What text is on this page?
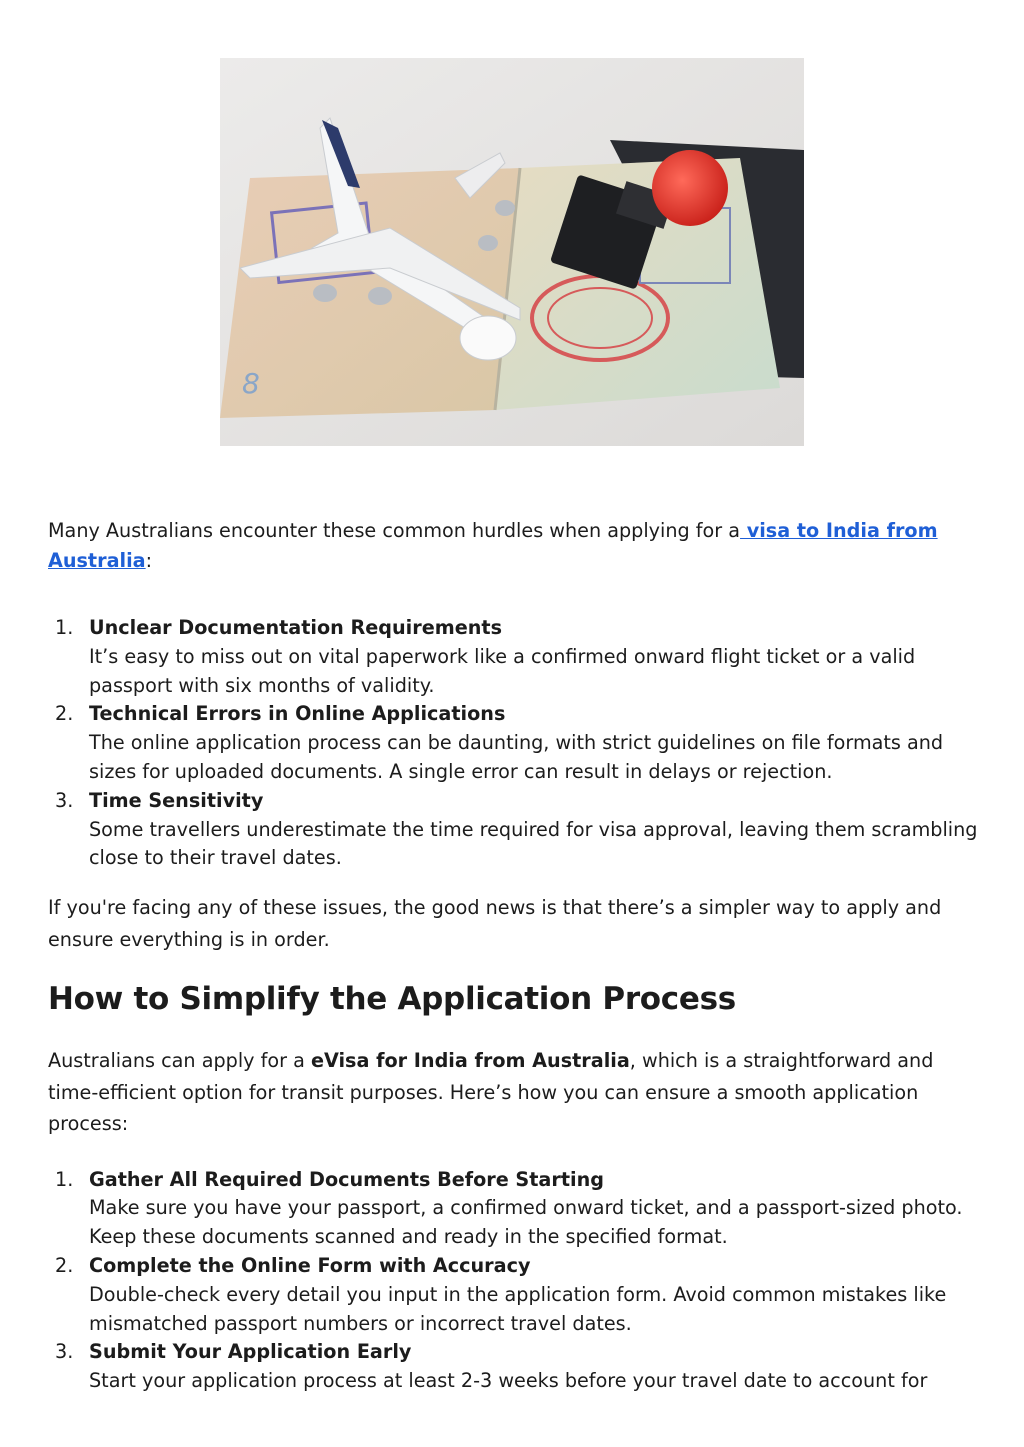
8

Many Australians encounter these common hurdles when applying for a visa to India from Australia:

1. Unclear Documentation Requirements
It’s easy to miss out on vital paperwork like a confirmed onward flight ticket or a valid passport with six months of validity.
2. Technical Errors in Online Applications
The online application process can be daunting, with strict guidelines on file formats and sizes for uploaded documents. A single error can result in delays or rejection.
3. Time Sensitivity
Some travellers underestimate the time required for visa approval, leaving them scrambling close to their travel dates.

If you're facing any of these issues, the good news is that there’s a simpler way to apply and ensure everything is in order.

How to Simplify the Application Process

Australians can apply for a eVisa for India from Australia, which is a straightforward and time-efficient option for transit purposes. Here’s how you can ensure a smooth application process:

1. Gather All Required Documents Before Starting
Make sure you have your passport, a confirmed onward ticket, and a passport-sized photo. Keep these documents scanned and ready in the specified format.
2. Complete the Online Form with Accuracy
Double-check every detail you input in the application form. Avoid common mistakes like mismatched passport numbers or incorrect travel dates.
3. Submit Your Application Early
Start your application process at least 2-3 weeks before your travel date to account for
